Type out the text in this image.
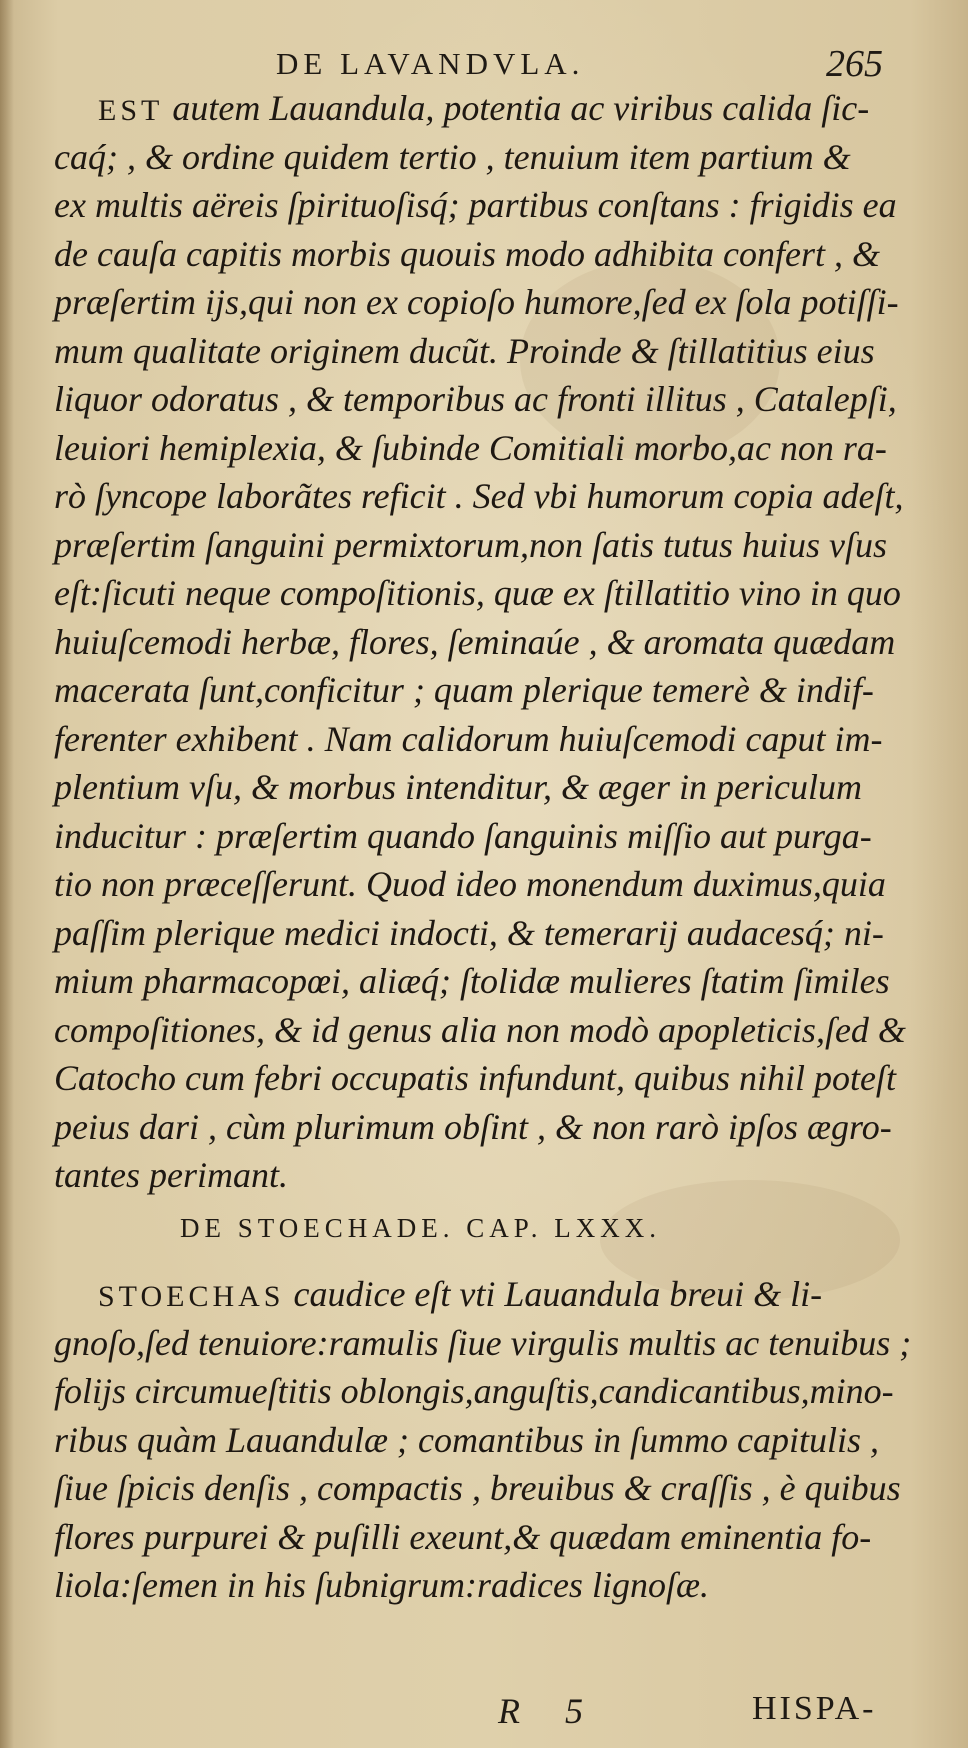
DE LAVANDVLA.	265
EST autem Lauandula, potentia ac viribus calida ſic-
caq́; , & ordine quidem tertio , tenuium item partium &
ex multis aëreis ſpirituoſisq́; partibus conſtans : frigidis ea
de cauſa capitis morbis quouis modo adhibita confert , &
præſertim ijs,qui non ex copioſo humore,ſed ex ſola potiſſi-
mum qualitate originem ducũt. Proinde & ſtillatitius eius
liquor odoratus , & temporibus ac fronti illitus , Catalepſi,
leuiori hemiplexia, & ſubinde Comitiali morbo,ac non ra-
rò ſyncope laborãtes reficit . Sed vbi humorum copia adeſt,
præſertim ſanguini permixtorum,non ſatis tutus huius vſus
eſt:ſicuti neque compoſitionis, quæ ex ſtillatitio vino in quo
huiuſcemodi herbæ, flores, ſeminaúe , & aromata quædam
macerata ſunt,conficitur ; quam plerique temerè & indif-
ferenter exhibent . Nam calidorum huiuſcemodi caput im-
plentium vſu, & morbus intenditur, & æger in periculum
inducitur : præſertim quando ſanguinis miſſio aut purga-
tio non præceſſerunt. Quod ideo monendum duximus,quia
paſſim plerique medici indocti, & temerarij audacesq́; ni-
mium pharmacopœi, aliæq́; ſtolidæ mulieres ſtatim ſimiles
compoſitiones, & id genus alia non modò apopleticis,ſed &
Catocho cum febri occupatis infundunt, quibus nihil poteſt
peius dari , cùm plurimum obſint , & non rarò ipſos ægro-
tantes perimant.
DE STOECHADE. CAP. LXXX.
STOECHAS caudice eſt vti Lauandula breui & li-
gnoſo,ſed tenuiore:ramulis ſiue virgulis multis ac tenuibus ;
folijs circumueſtitis oblongis,anguſtis,candicantibus,mino-
ribus quàm Lauandulæ ; comantibus in ſummo capitulis ,
ſiue ſpicis denſis , compactis , breuibus & craſſis , è quibus
flores purpurei & puſilli exeunt,& quædam eminentia fo-
liola:ſemen in his ſubnigrum:radices lignoſæ.
R 5	HISPA-
